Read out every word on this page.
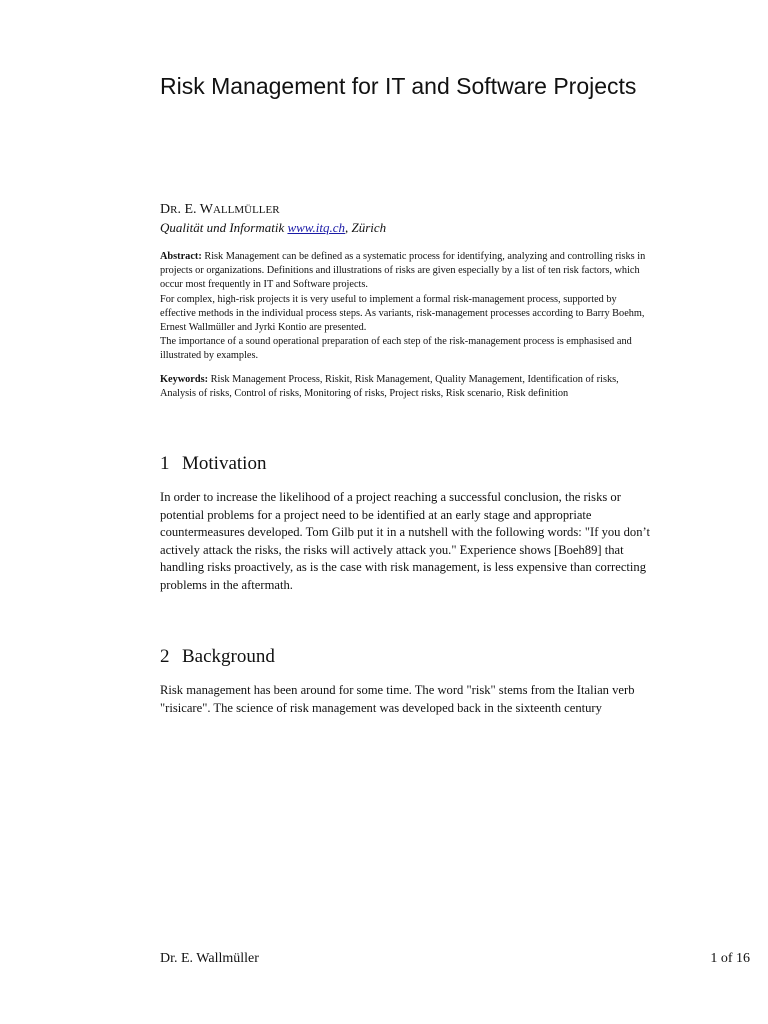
Risk Management for IT and Software Projects
DR. E. WALLMÜLLER
Qualität und Informatik www.itq.ch, Zürich

Abstract: Risk Management can be defined as a systematic process for identifying, analyzing and controlling risks in projects or organizations. Definitions and illustrations of risks are given especially by a list of ten risk factors, which occur most frequently in IT and Software projects.

For complex, high-risk projects it is very useful to implement a formal risk-management process, supported by effective methods in the individual process steps. As variants, risk-management processes according to Barry Boehm, Ernest Wallmüller and Jyrki Kontio are presented.

The importance of a sound operational preparation of each step of the risk-management process is emphasised and illustrated by examples.

Keywords: Risk Management Process, Riskit, Risk Management, Quality Management, Identification of risks, Analysis of risks, Control of risks, Monitoring of risks, Project risks, Risk scenario, Risk definition
1 Motivation

In order to increase the likelihood of a project reaching a successful conclusion, the risks or potential problems for a project need to be identified at an early stage and appropriate countermeasures developed. Tom Gilb put it in a nutshell with the following words: "If you don’t actively attack the risks, the risks will actively attack you." Experience shows [Boeh89] that handling risks proactively, as is the case with risk management, is less expensive than correcting problems in the aftermath.

2 Background

Risk management has been around for some time. The word "risk" stems from the Italian verb "risicare". The science of risk management was developed back in the sixteenth century

Dr. E. Wallmüller	1 of 16
